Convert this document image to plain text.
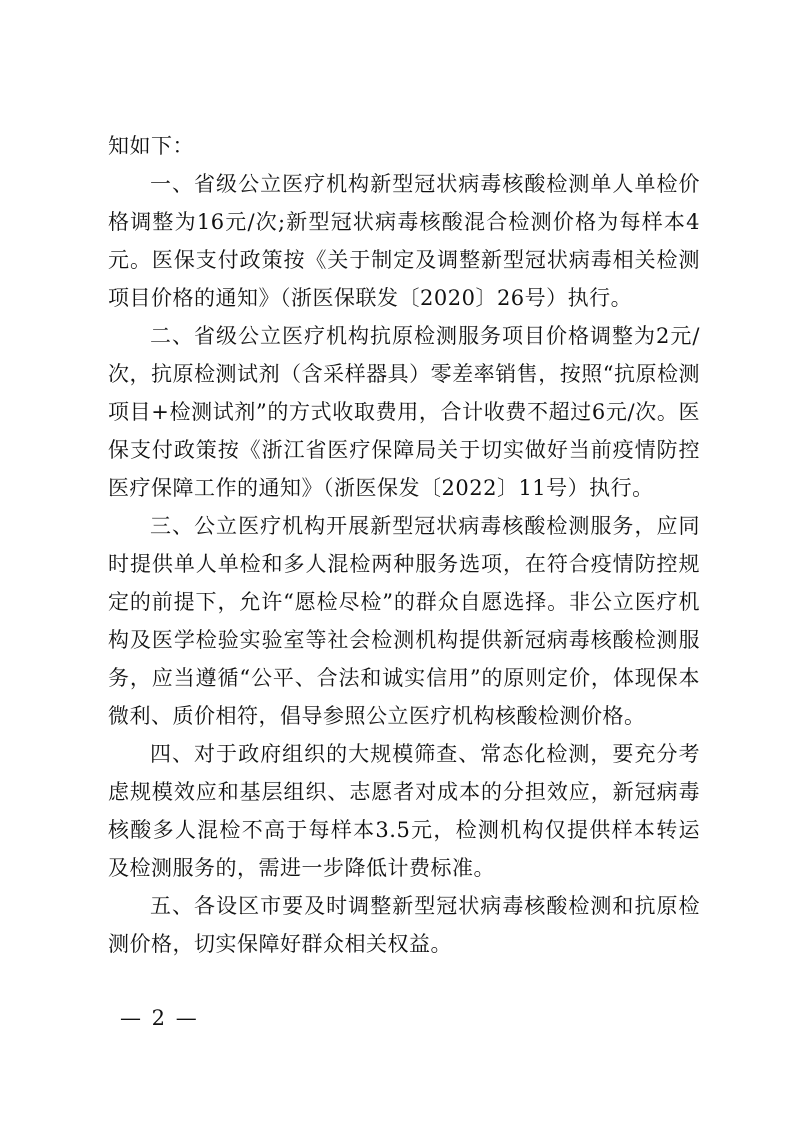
知如下：

一、省级公立医疗机构新型冠状病毒核酸检测单人单检价格调整为16元/次;新型冠状病毒核酸混合检测价格为每样本4元。医保支付政策按《关于制定及调整新型冠状病毒相关检测项目价格的通知》（浙医保联发〔2020〕26号）执行。

二、省级公立医疗机构抗原检测服务项目价格调整为2元/次，抗原检测试剂（含采样器具）零差率销售，按照“抗原检测项目+检测试剂”的方式收取费用，合计收费不超过6元/次。医保支付政策按《浙江省医疗保障局关于切实做好当前疫情防控医疗保障工作的通知》（浙医保发〔2022〕11号）执行。

三、公立医疗机构开展新型冠状病毒核酸检测服务，应同时提供单人单检和多人混检两种服务选项，在符合疫情防控规定的前提下，允许“愿检尽检”的群众自愿选择。非公立医疗机构及医学检验实验室等社会检测机构提供新冠病毒核酸检测服务，应当遵循“公平、合法和诚实信用”的原则定价，体现保本微利、质价相符，倡导参照公立医疗机构核酸检测价格。

四、对于政府组织的大规模筛查、常态化检测，要充分考虑规模效应和基层组织、志愿者对成本的分担效应，新冠病毒核酸多人混检不高于每样本3.5元，检测机构仅提供样本转运及检测服务的，需进一步降低计费标准。

五、各设区市要及时调整新型冠状病毒核酸检测和抗原检测价格，切实保障好群众相关权益。

— 2 —
